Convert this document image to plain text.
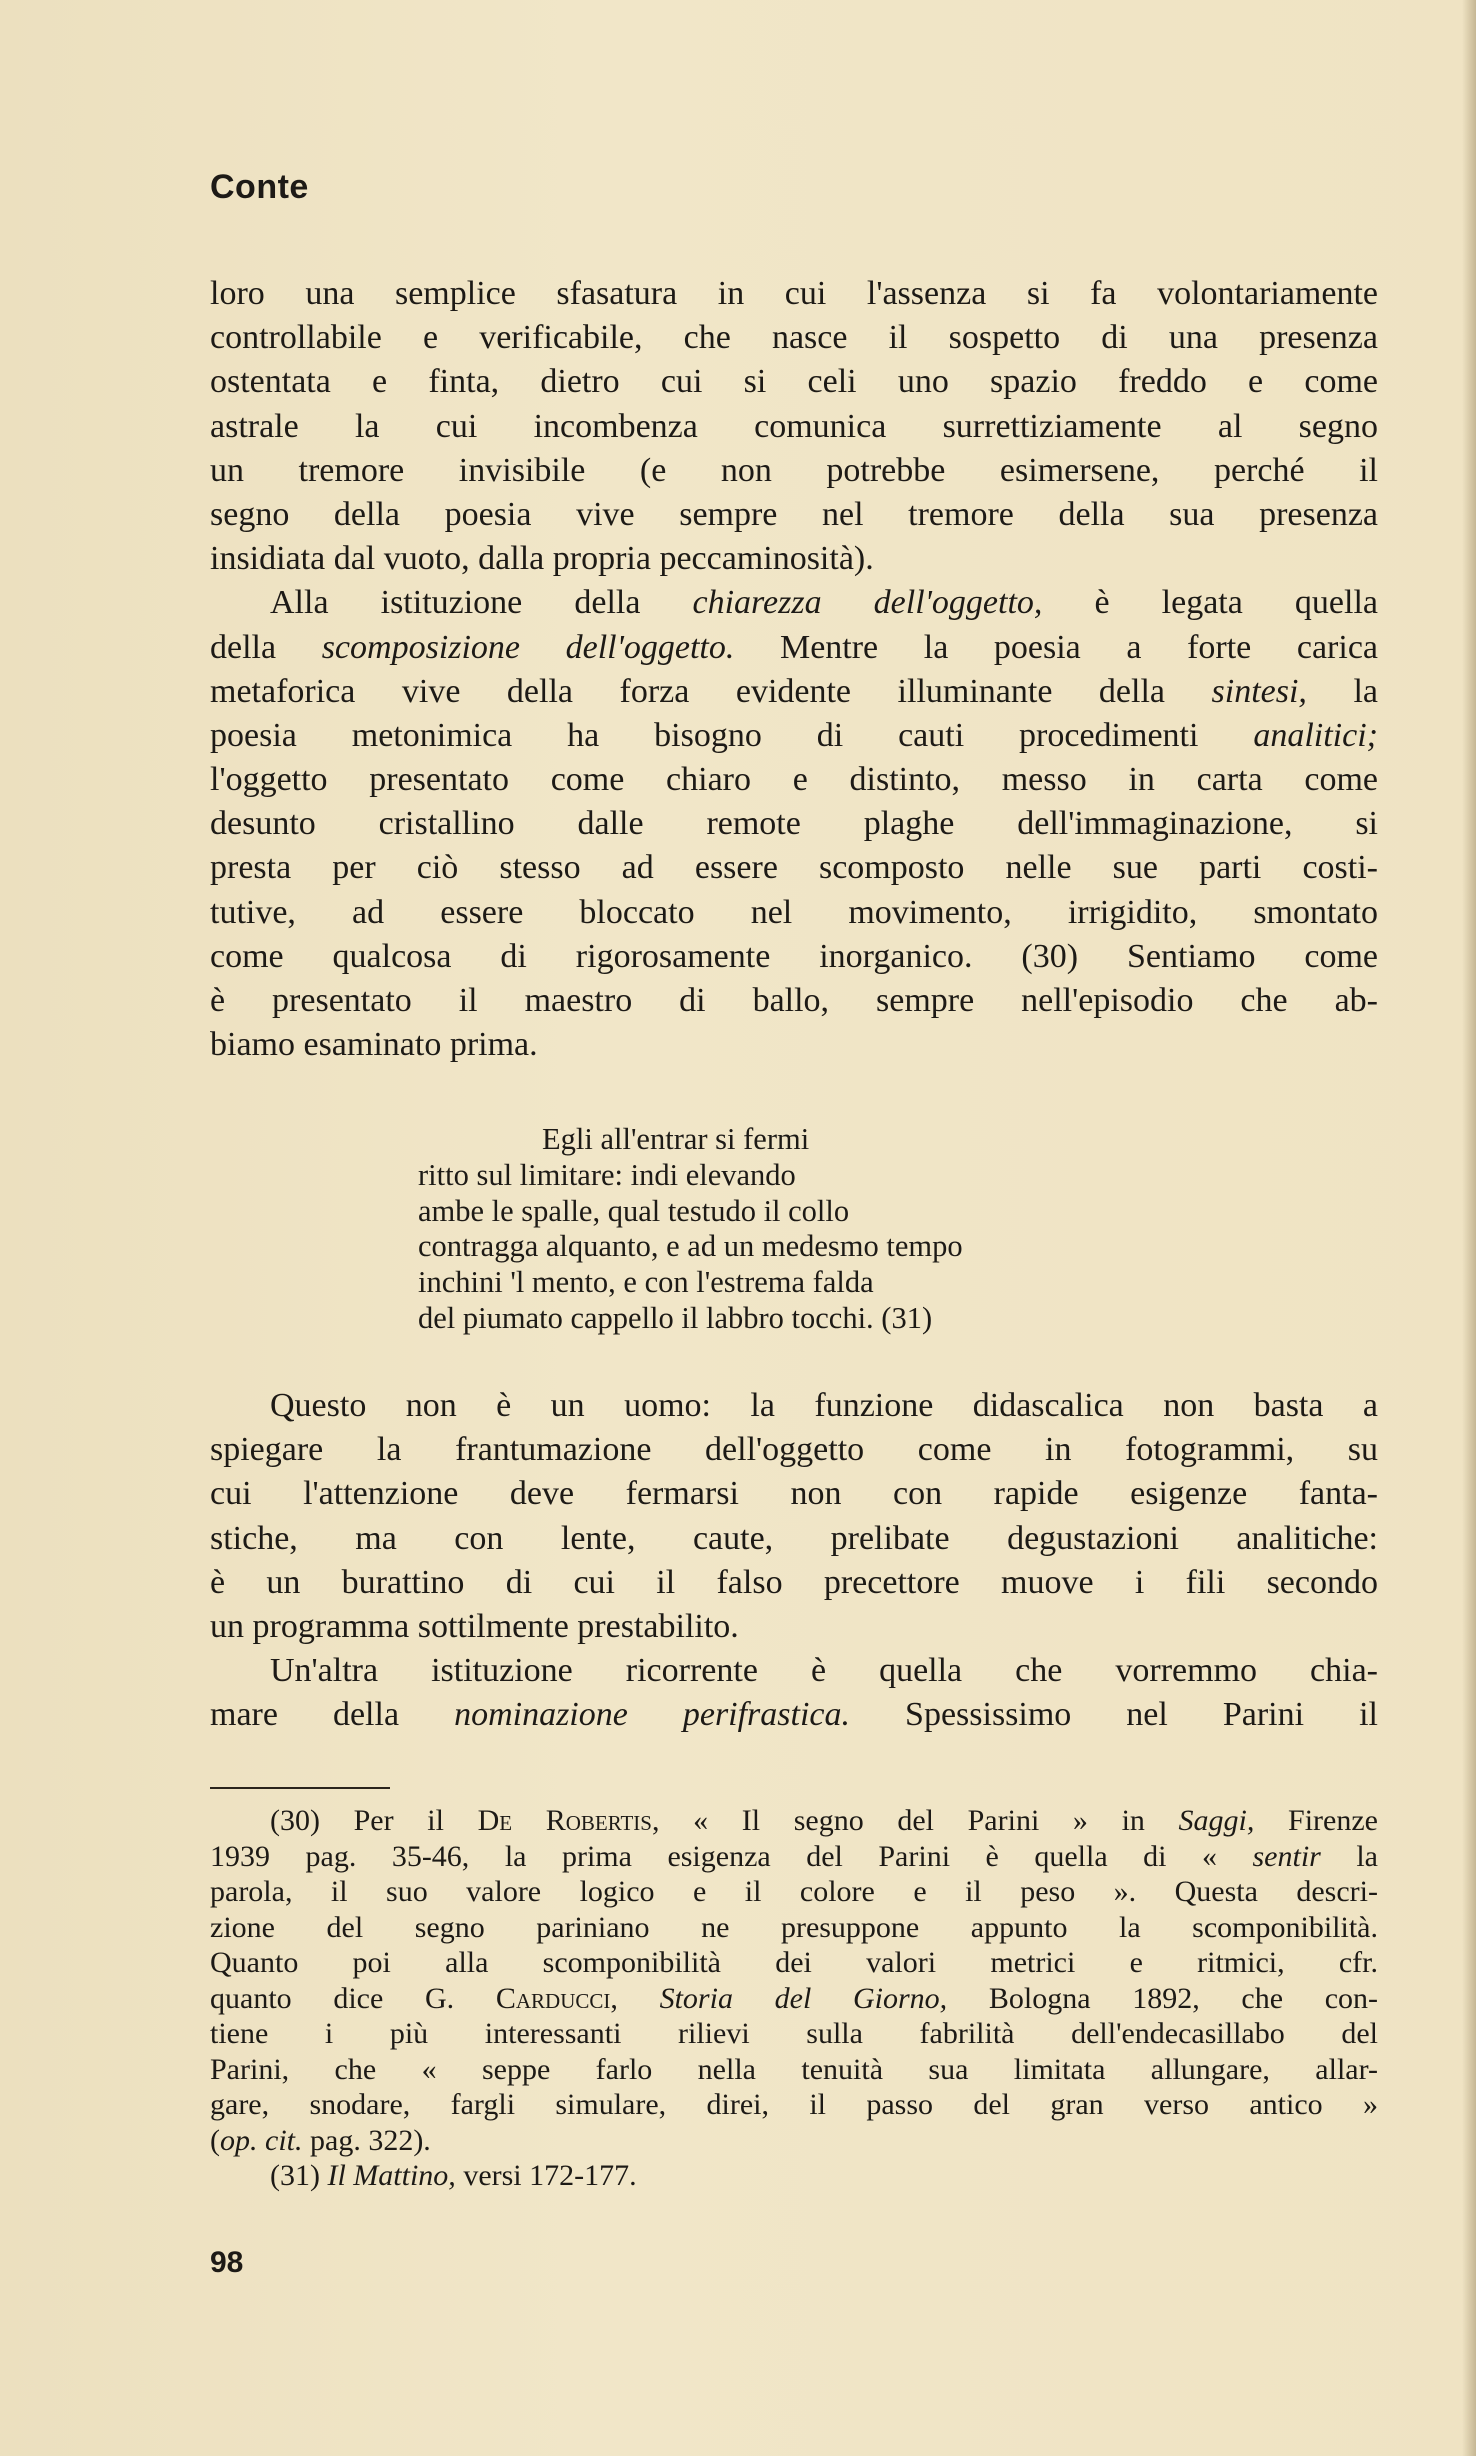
Conte
loro una semplice sfasatura in cui l'assenza si fa volontariamente
controllabile e verificabile, che nasce il sospetto di una presenza
ostentata e finta, dietro cui si celi uno spazio freddo e come
astrale la cui incombenza comunica surrettiziamente al segno
un tremore invisibile (e non potrebbe esimersene, perché il
segno della poesia vive sempre nel tremore della sua presenza
insidiata dal vuoto, dalla propria peccaminosità).
Alla istituzione della chiarezza dell'oggetto, è legata quella
della scomposizione dell'oggetto. Mentre la poesia a forte carica
metaforica vive della forza evidente illuminante della sintesi, la
poesia metonimica ha bisogno di cauti procedimenti analitici;
l'oggetto presentato come chiaro e distinto, messo in carta come
desunto cristallino dalle remote plaghe dell'immaginazione, si
presta per ciò stesso ad essere scomposto nelle sue parti costi-
tutive, ad essere bloccato nel movimento, irrigidito, smontato
come qualcosa di rigorosamente inorganico. (30) Sentiamo come
è presentato il maestro di ballo, sempre nell'episodio che ab-
biamo esaminato prima.
Egli all'entrar si fermi
ritto sul limitare: indi elevando
ambe le spalle, qual testudo il collo
contragga alquanto, e ad un medesmo tempo
inchini 'l mento, e con l'estrema falda
del piumato cappello il labbro tocchi. (31)
Questo non è un uomo: la funzione didascalica non basta a
spiegare la frantumazione dell'oggetto come in fotogrammi, su
cui l'attenzione deve fermarsi non con rapide esigenze fanta-
stiche, ma con lente, caute, prelibate degustazioni analitiche:
è un burattino di cui il falso precettore muove i fili secondo
un programma sottilmente prestabilito.
Un'altra istituzione ricorrente è quella che vorremmo chia-
mare della nominazione perifrastica. Spessissimo nel Parini il
(30) Per il De Robertis, « Il segno del Parini » in Saggi, Firenze
1939 pag. 35-46, la prima esigenza del Parini è quella di « sentir la
parola, il suo valore logico e il colore e il peso ». Questa descri-
zione del segno pariniano ne presuppone appunto la scomponibilità.
Quanto poi alla scomponibilità dei valori metrici e ritmici, cfr.
quanto dice G. Carducci, Storia del Giorno, Bologna 1892, che con-
tiene i più interessanti rilievi sulla fabrilità dell'endecasillabo del
Parini, che « seppe farlo nella tenuità sua limitata allungare, allar-
gare, snodare, fargli simulare, direi, il passo del gran verso antico »
(op. cit. pag. 322).
(31) Il Mattino, versi 172-177.
98
